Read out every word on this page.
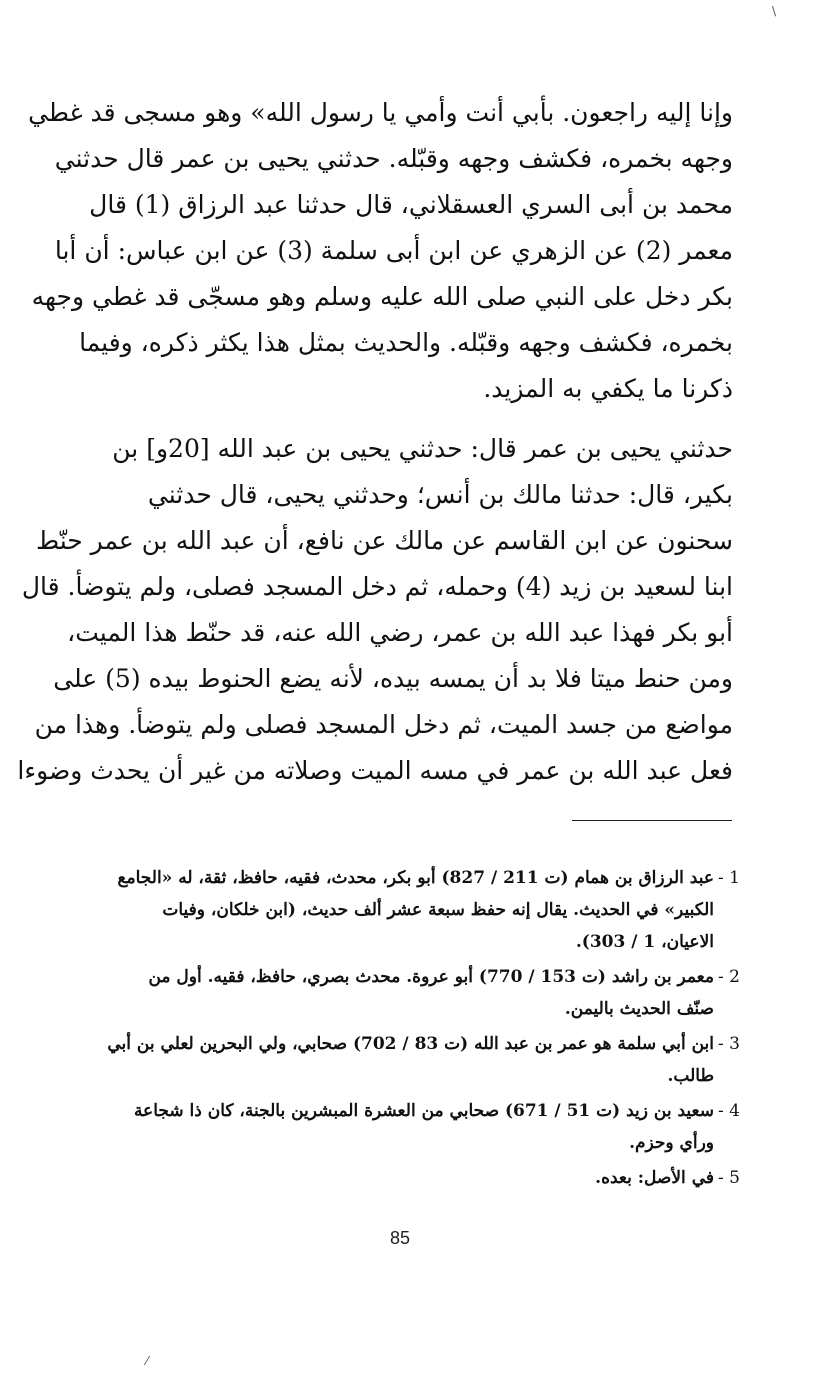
\
وإنا إليه راجعون. بأبي أنت وأمي يا رسول الله» وهو مسجى قد غطي
وجهه بخمره، فكشف وجهه وقبّله. حدثني يحيى بن عمر قال حدثني
محمد بن أبى السري العسقلاني، قال حدثنا عبد الرزاق (1) قال
معمر (2) عن الزهري عن ابن أبى سلمة (3) عن ابن عباس: أن أبا
بكر دخل على النبي صلى الله عليه وسلم وهو مسجّى قد غطي وجهه
بخمره، فكشف وجهه وقبّله. والحديث بمثل هذا يكثر ذكره، وفيما
ذكرنا ما يكفي به المزيد.
حدثني يحيى بن عمر قال: حدثني يحيى بن عبد الله [20و] بن
بكير، قال: حدثنا مالك بن أنس؛ وحدثني يحيى، قال حدثني
سحنون عن ابن القاسم عن مالك عن نافع، أن عبد الله بن عمر حنّط
ابنا لسعيد بن زيد (4) وحمله، ثم دخل المسجد فصلى، ولم يتوضأ. قال
أبو بكر فهذا عبد الله بن عمر، رضي الله عنه، قد حنّط هذا الميت،
ومن حنط ميتا فلا بد أن يمسه بيده، لأنه يضع الحنوط بيده (5) على
مواضع من جسد الميت، ثم دخل المسجد فصلى ولم يتوضأ. وهذا من
فعل عبد الله بن عمر في مسه الميت وصلاته من غير أن يحدث وضوءا
1 -
عبد الرزاق بن همام (ت 211 / 827) أبو بكر، محدث، فقيه، حافظ، ثقة، له «الجامع
الكبير» في الحديث. يقال إنه حفظ سبعة عشر ألف حديث، (ابن خلكان، وفيات
الاعيان، 1 / 303).
2 -
معمر بن راشد (ت 153 / 770) أبو عروة. محدث بصري، حافظ، فقيه. أول من
صنّف الحديث باليمن.
3 -
ابن أبي سلمة هو عمر بن عبد الله (ت 83 / 702) صحابي، ولي البحرين لعلي بن أبي
طالب.
4 -
سعيد بن زيد (ت 51 / 671) صحابي من العشرة المبشرين بالجنة، كان ذا شجاعة
ورأي وحزم.
5 -
في الأصل: بعده.
85
⁄
